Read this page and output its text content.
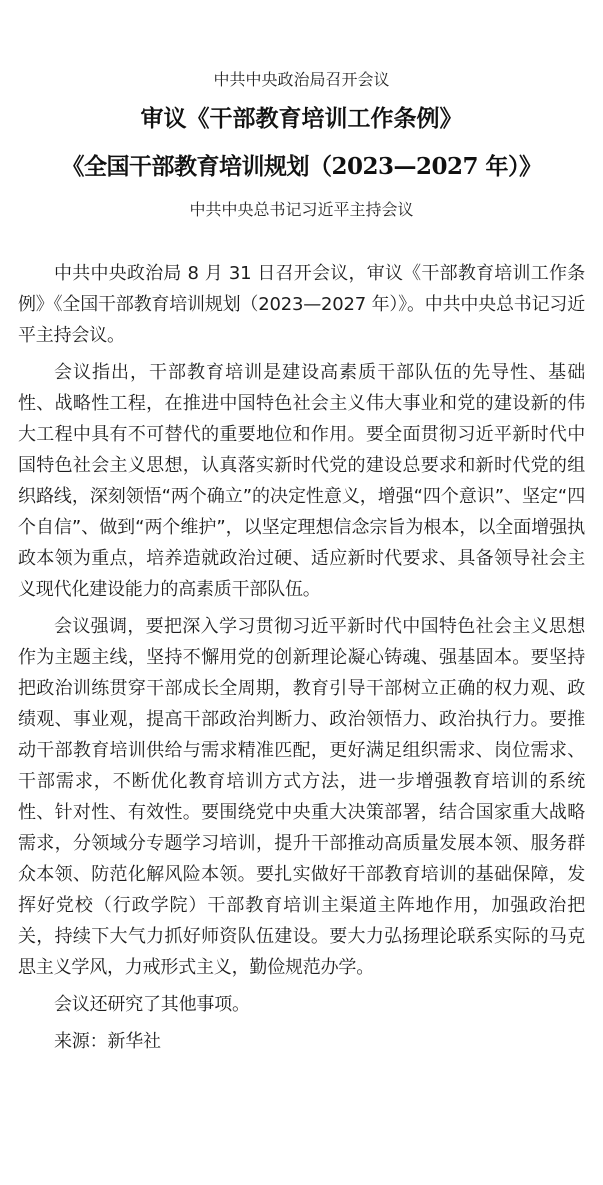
中共中央政治局召开会议
审议《干部教育培训工作条例》
《全国干部教育培训规划（2023—2027 年）》
中共中央总书记习近平主持会议

中共中央政治局 8 月 31 日召开会议，审议《干部教育培训工作条例》《全国干部教育培训规划（2023—2027 年）》。中共中央总书记习近平主持会议。

会议指出，干部教育培训是建设高素质干部队伍的先导性、基础性、战略性工程，在推进中国特色社会主义伟大事业和党的建设新的伟大工程中具有不可替代的重要地位和作用。要全面贯彻习近平新时代中国特色社会主义思想，认真落实新时代党的建设总要求和新时代党的组织路线，深刻领悟“两个确立”的决定性意义，增强“四个意识”、坚定“四个自信”、做到“两个维护”，以坚定理想信念宗旨为根本，以全面增强执政本领为重点，培养造就政治过硬、适应新时代要求、具备领导社会主义现代化建设能力的高素质干部队伍。

会议强调，要把深入学习贯彻习近平新时代中国特色社会主义思想作为主题主线，坚持不懈用党的创新理论凝心铸魂、强基固本。要坚持把政治训练贯穿干部成长全周期，教育引导干部树立正确的权力观、政绩观、事业观，提高干部政治判断力、政治领悟力、政治执行力。要推动干部教育培训供给与需求精准匹配，更好满足组织需求、岗位需求、干部需求，不断优化教育培训方式方法，进一步增强教育培训的系统性、针对性、有效性。要围绕党中央重大决策部署，结合国家重大战略需求，分领域分专题学习培训，提升干部推动高质量发展本领、服务群众本领、防范化解风险本领。要扎实做好干部教育培训的基础保障，发挥好党校（行政学院）干部教育培训主渠道主阵地作用，加强政治把关，持续下大气力抓好师资队伍建设。要大力弘扬理论联系实际的马克思主义学风，力戒形式主义，勤俭规范办学。

会议还研究了其他事项。

来源：新华社
